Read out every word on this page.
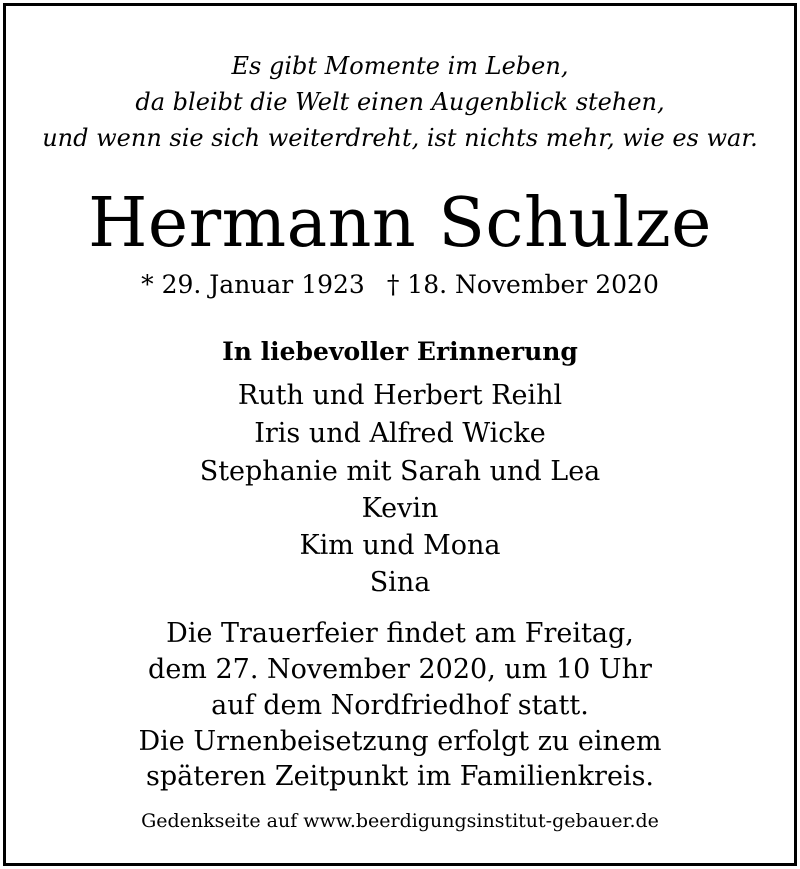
Es gibt Momente im Leben,
da bleibt die Welt einen Augenblick stehen,
und wenn sie sich weiterdreht, ist nichts mehr, wie es war.
Hermann Schulze
* 29. Januar 1923 † 18. November 2020
In liebevoller Erinnerung
Ruth und Herbert Reihl
Iris und Alfred Wicke
Stephanie mit Sarah und Lea
Kevin
Kim und Mona
Sina
Die Trauerfeier findet am Freitag,
dem 27. November 2020, um 10 Uhr
auf dem Nordfriedhof statt.
Die Urnenbeisetzung erfolgt zu einem
späteren Zeitpunkt im Familienkreis.
Gedenkseite auf www.beerdigungsinstitut-gebauer.de
